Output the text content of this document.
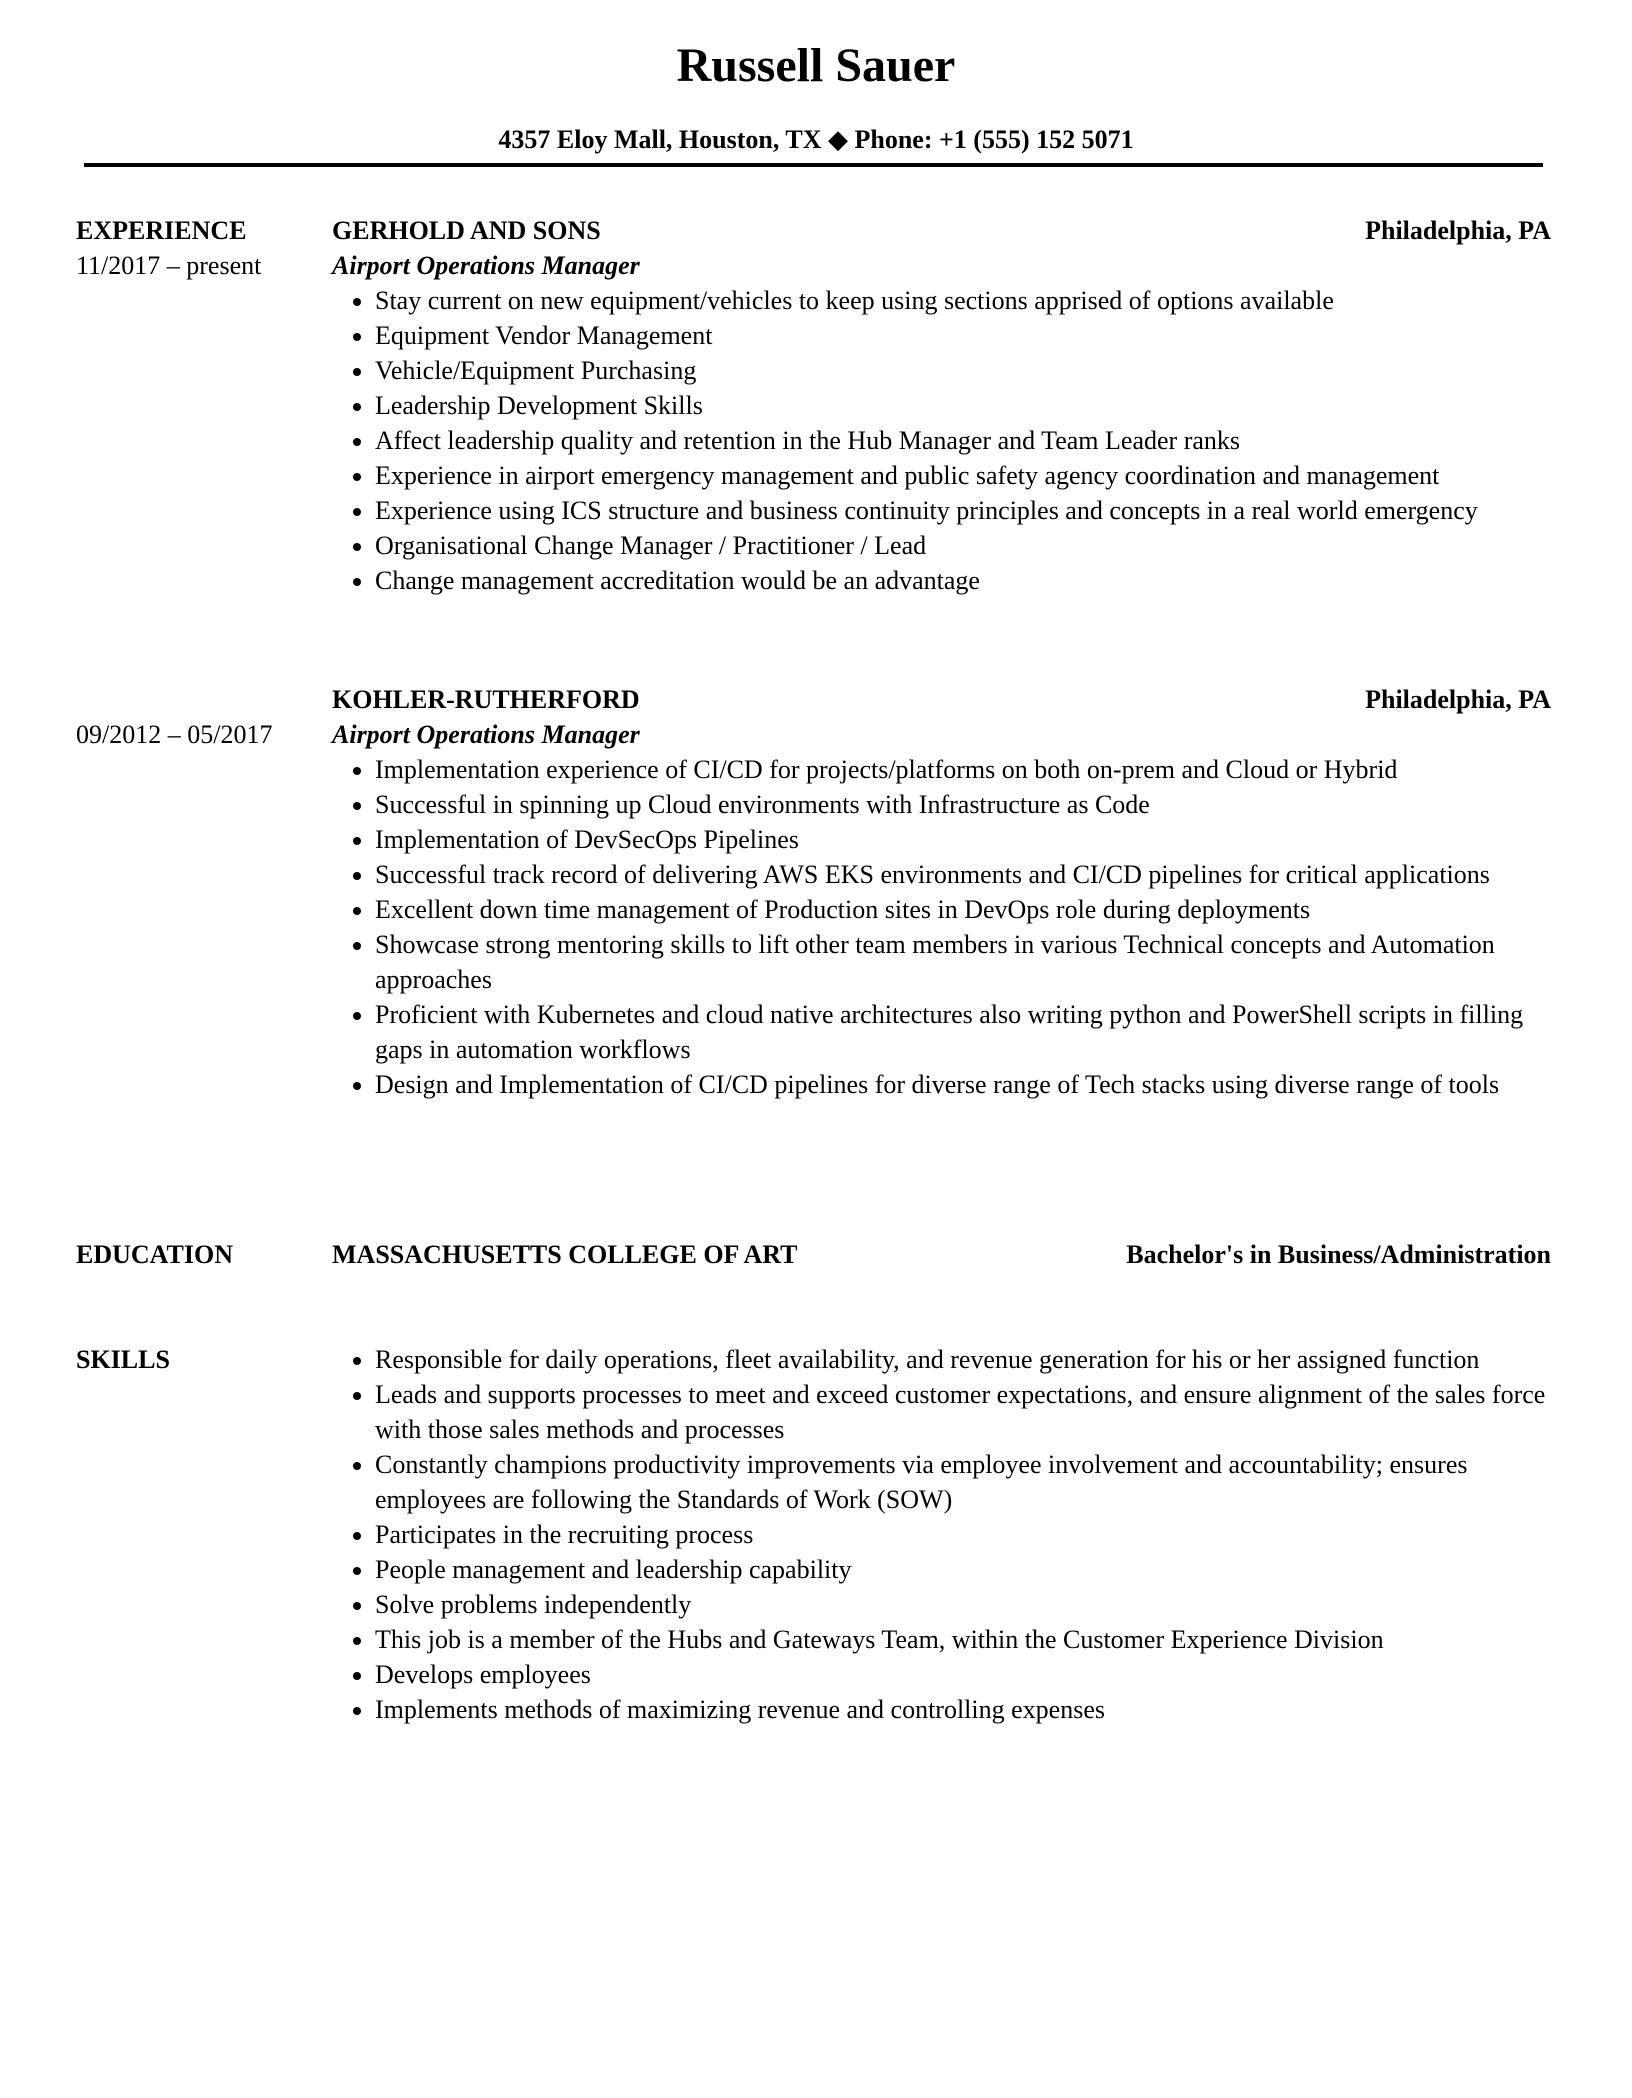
Russell Sauer
4357 Eloy Mall, Houston, TX ◆ Phone: +1 (555) 152 5071
EXPERIENCE
11/2017 – present
GERHOLD AND SONS	Philadelphia, PA
Airport Operations Manager
• Stay current on new equipment/vehicles to keep using sections apprised of options available
• Equipment Vendor Management
• Vehicle/Equipment Purchasing
• Leadership Development Skills
• Affect leadership quality and retention in the Hub Manager and Team Leader ranks
• Experience in airport emergency management and public safety agency coordination and management
• Experience using ICS structure and business continuity principles and concepts in a real world emergency
• Organisational Change Manager / Practitioner / Lead
• Change management accreditation would be an advantage
09/2012 – 05/2017
KOHLER-RUTHERFORD	Philadelphia, PA
Airport Operations Manager
• Implementation experience of CI/CD for projects/platforms on both on-prem and Cloud or Hybrid
• Successful in spinning up Cloud environments with Infrastructure as Code
• Implementation of DevSecOps Pipelines
• Successful track record of delivering AWS EKS environments and CI/CD pipelines for critical applications
• Excellent down time management of Production sites in DevOps role during deployments
• Showcase strong mentoring skills to lift other team members in various Technical concepts and Automation approaches
• Proficient with Kubernetes and cloud native architectures also writing python and PowerShell scripts in filling gaps in automation workflows
• Design and Implementation of CI/CD pipelines for diverse range of Tech stacks using diverse range of tools
EDUCATION	MASSACHUSETTS COLLEGE OF ART	Bachelor's in Business/Administration
SKILLS	• Responsible for daily operations, fleet availability, and revenue generation for his or her assigned function
• Leads and supports processes to meet and exceed customer expectations, and ensure alignment of the sales force with those sales methods and processes
• Constantly champions productivity improvements via employee involvement and accountability; ensures employees are following the Standards of Work (SOW)
• Participates in the recruiting process
• People management and leadership capability
• Solve problems independently
• This job is a member of the Hubs and Gateways Team, within the Customer Experience Division
• Develops employees
• Implements methods of maximizing revenue and controlling expenses
